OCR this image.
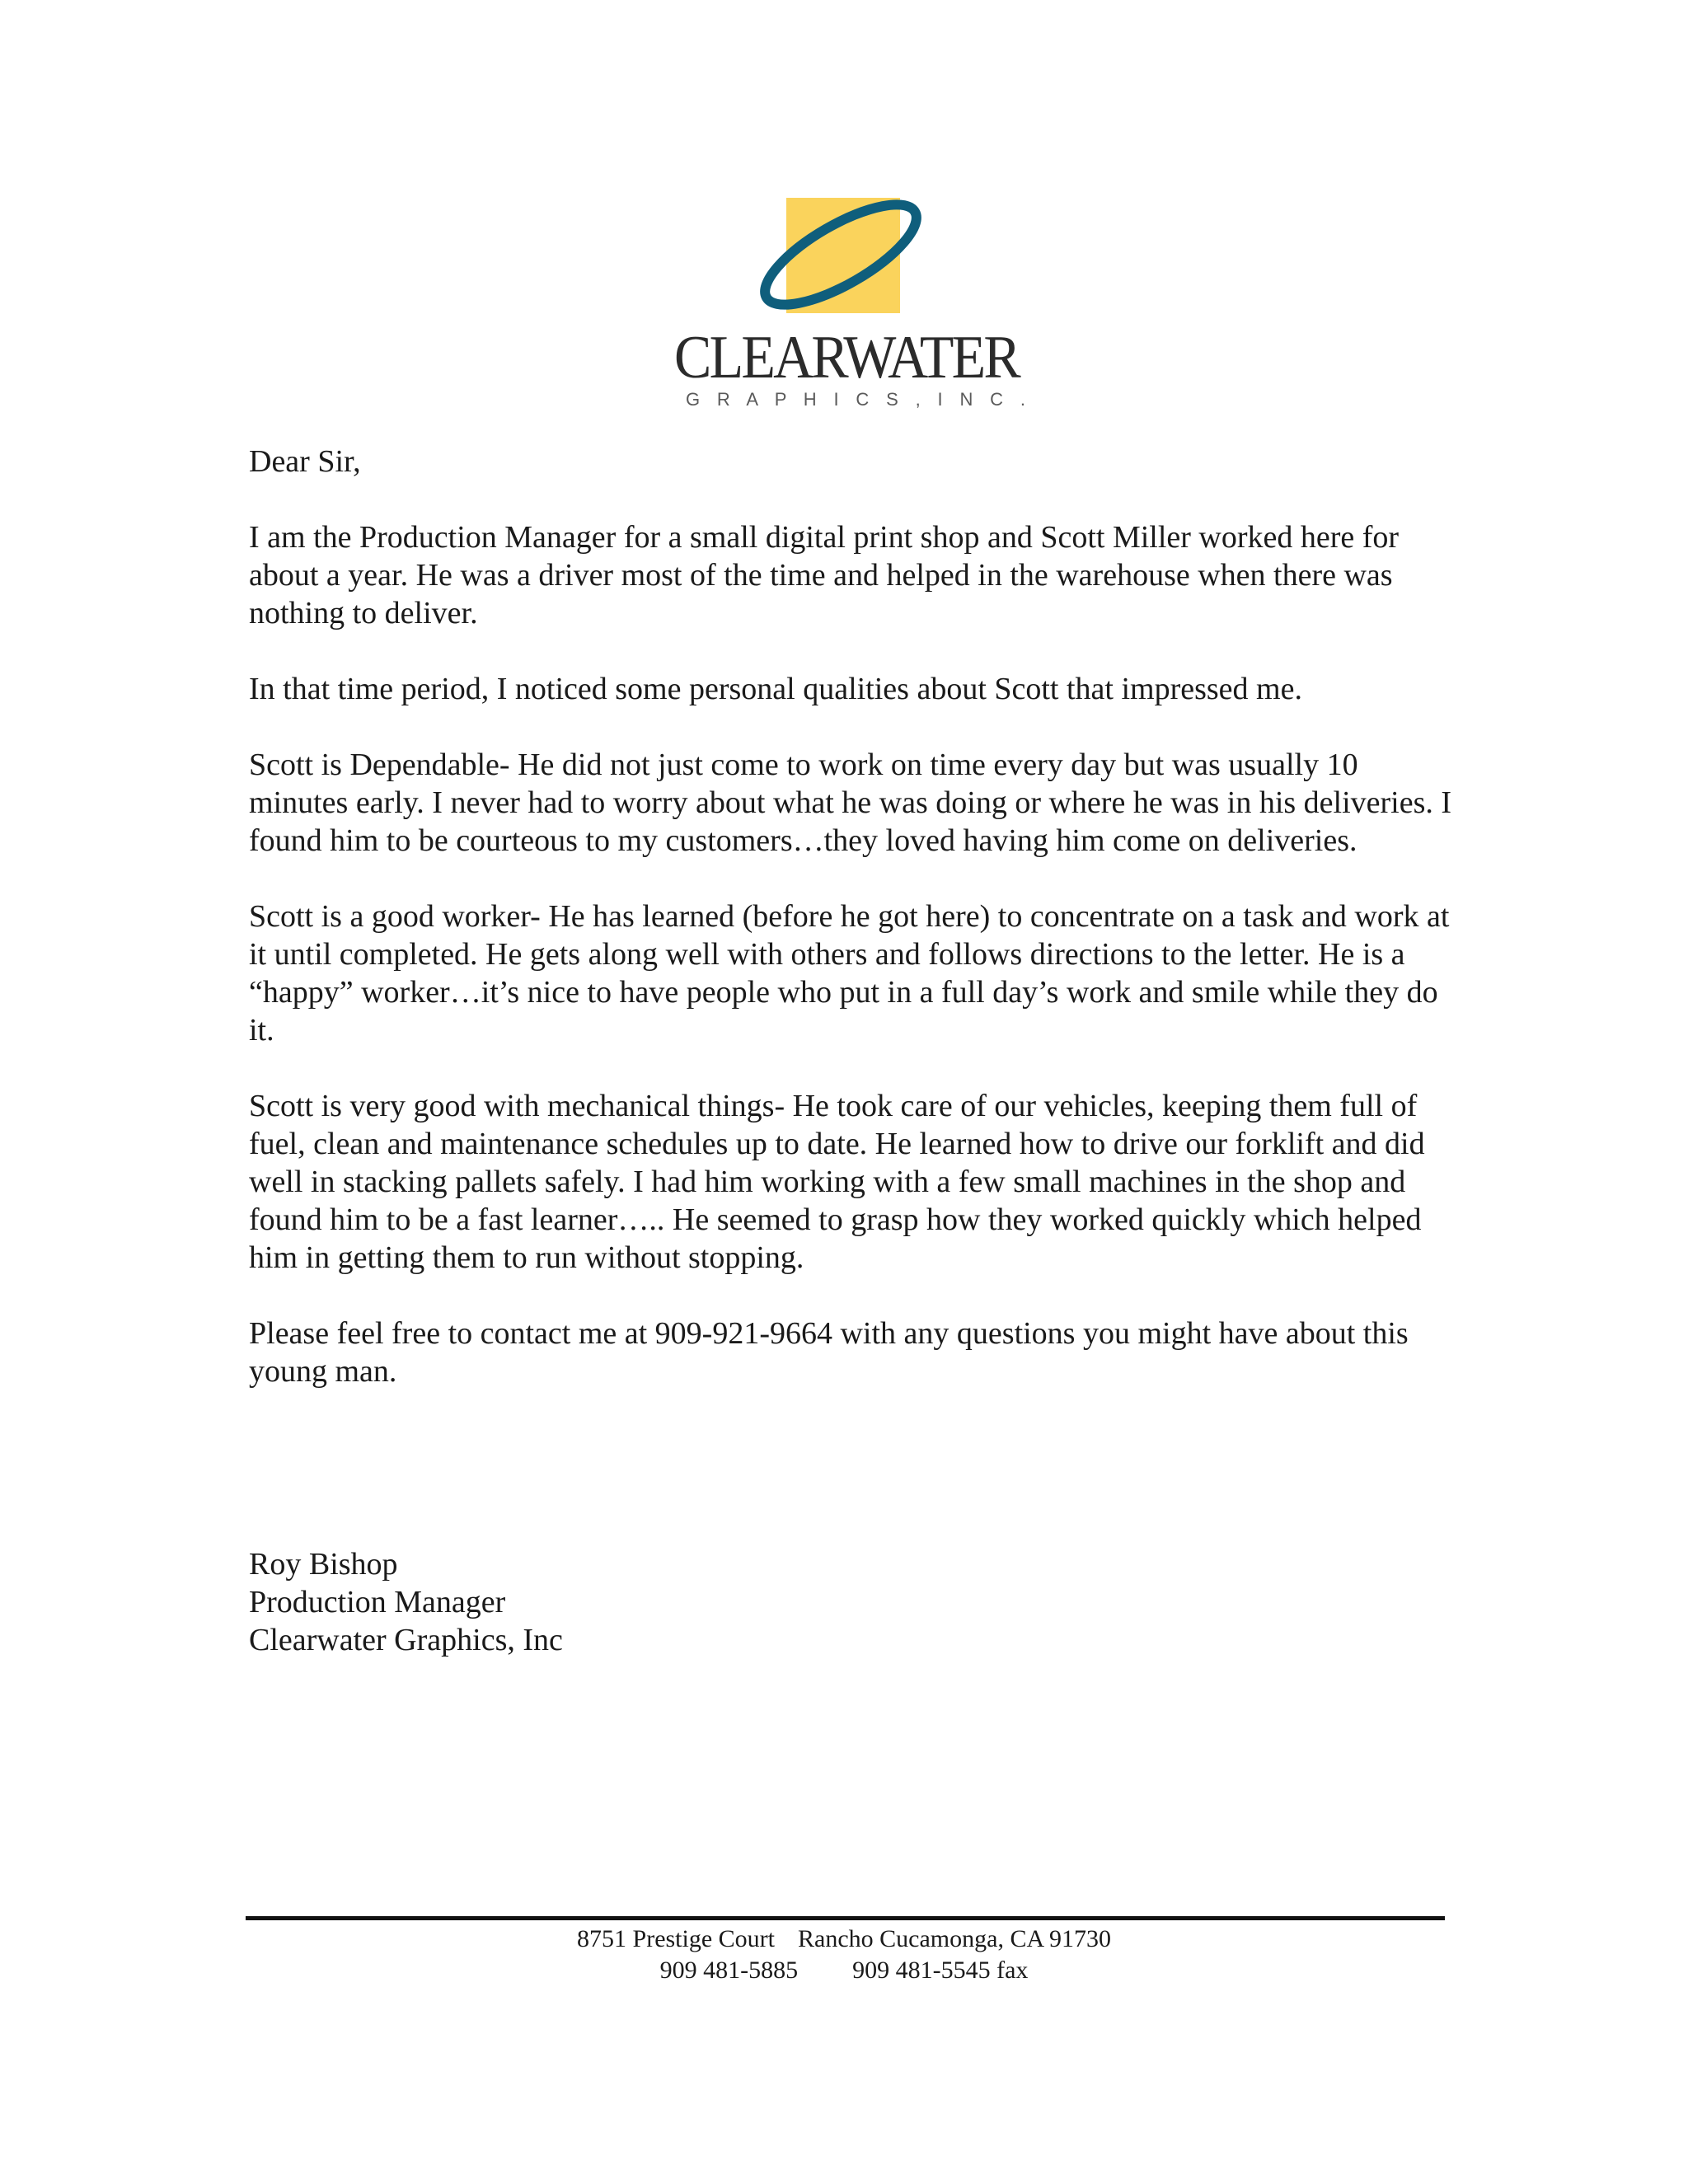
CLEARWATER
G R A P H I C S , I N C .

Dear Sir,

I am the Production Manager for a small digital print shop and Scott Miller worked here for about a year. He was a driver most of the time and helped in the warehouse when there was nothing to deliver.

In that time period, I noticed some personal qualities about Scott that impressed me.

Scott is Dependable- He did not just come to work on time every day but was usually 10 minutes early. I never had to worry about what he was doing or where he was in his deliveries. I found him to be courteous to my customers…they loved having him come on deliveries.

Scott is a good worker- He has learned (before he got here) to concentrate on a task and work at it until completed. He gets along well with others and follows directions to the letter. He is a “happy” worker…it’s nice to have people who put in a full day’s work and smile while they do it.

Scott is very good with mechanical things- He took care of our vehicles, keeping them full of fuel, clean and maintenance schedules up to date. He learned how to drive our forklift and did well in stacking pallets safely. I had him working with a few small machines in the shop and found him to be a fast learner….. He seemed to grasp how they worked quickly which helped him in getting them to run without stopping.

Please feel free to contact me at 909-921-9664 with any questions you might have about this young man.

Roy Bishop
Production Manager
Clearwater Graphics, Inc
8751 Prestige Court Rancho Cucamonga, CA 91730
909 481-5885 909 481-5545 fax
